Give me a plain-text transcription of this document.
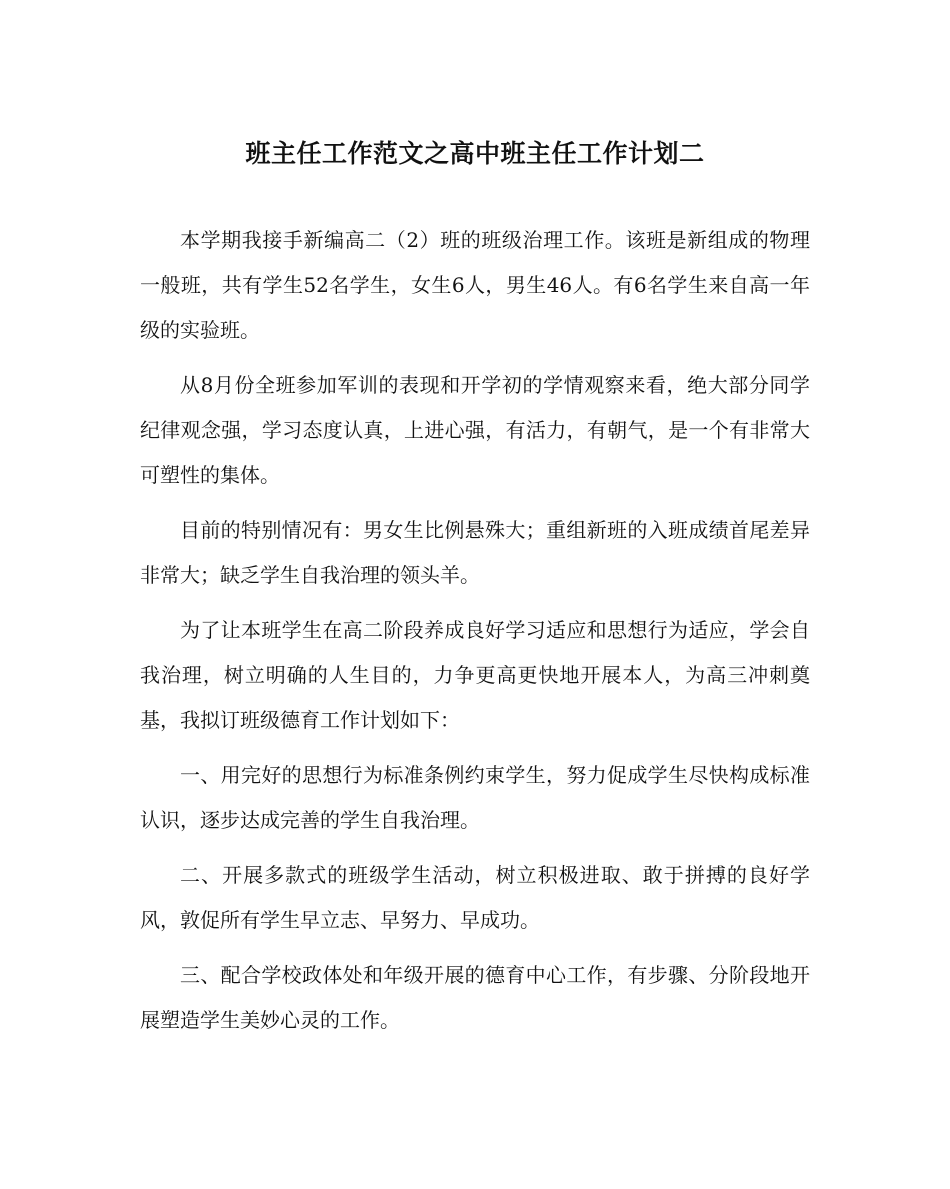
班主任工作范文之高中班主任工作计划二

本学期我接手新编高二（2）班的班级治理工作。该班是新组成的物理一般班，共有学生52名学生，女生6人，男生46人。有6名学生来自高一年级的实验班。

从8月份全班参加军训的表现和开学初的学情观察来看，绝大部分同学纪律观念强，学习态度认真，上进心强，有活力，有朝气，是一个有非常大可塑性的集体。

目前的特别情况有：男女生比例悬殊大；重组新班的入班成绩首尾差异非常大；缺乏学生自我治理的领头羊。

为了让本班学生在高二阶段养成良好学习适应和思想行为适应，学会自我治理，树立明确的人生目的，力争更高更快地开展本人，为高三冲刺奠基，我拟订班级德育工作计划如下：

一、用完好的思想行为标准条例约束学生，努力促成学生尽快构成标准认识，逐步达成完善的学生自我治理。

二、开展多款式的班级学生活动，树立积极进取、敢于拼搏的良好学风，敦促所有学生早立志、早努力、早成功。

三、配合学校政体处和年级开展的德育中心工作，有步骤、分阶段地开展塑造学生美妙心灵的工作。
